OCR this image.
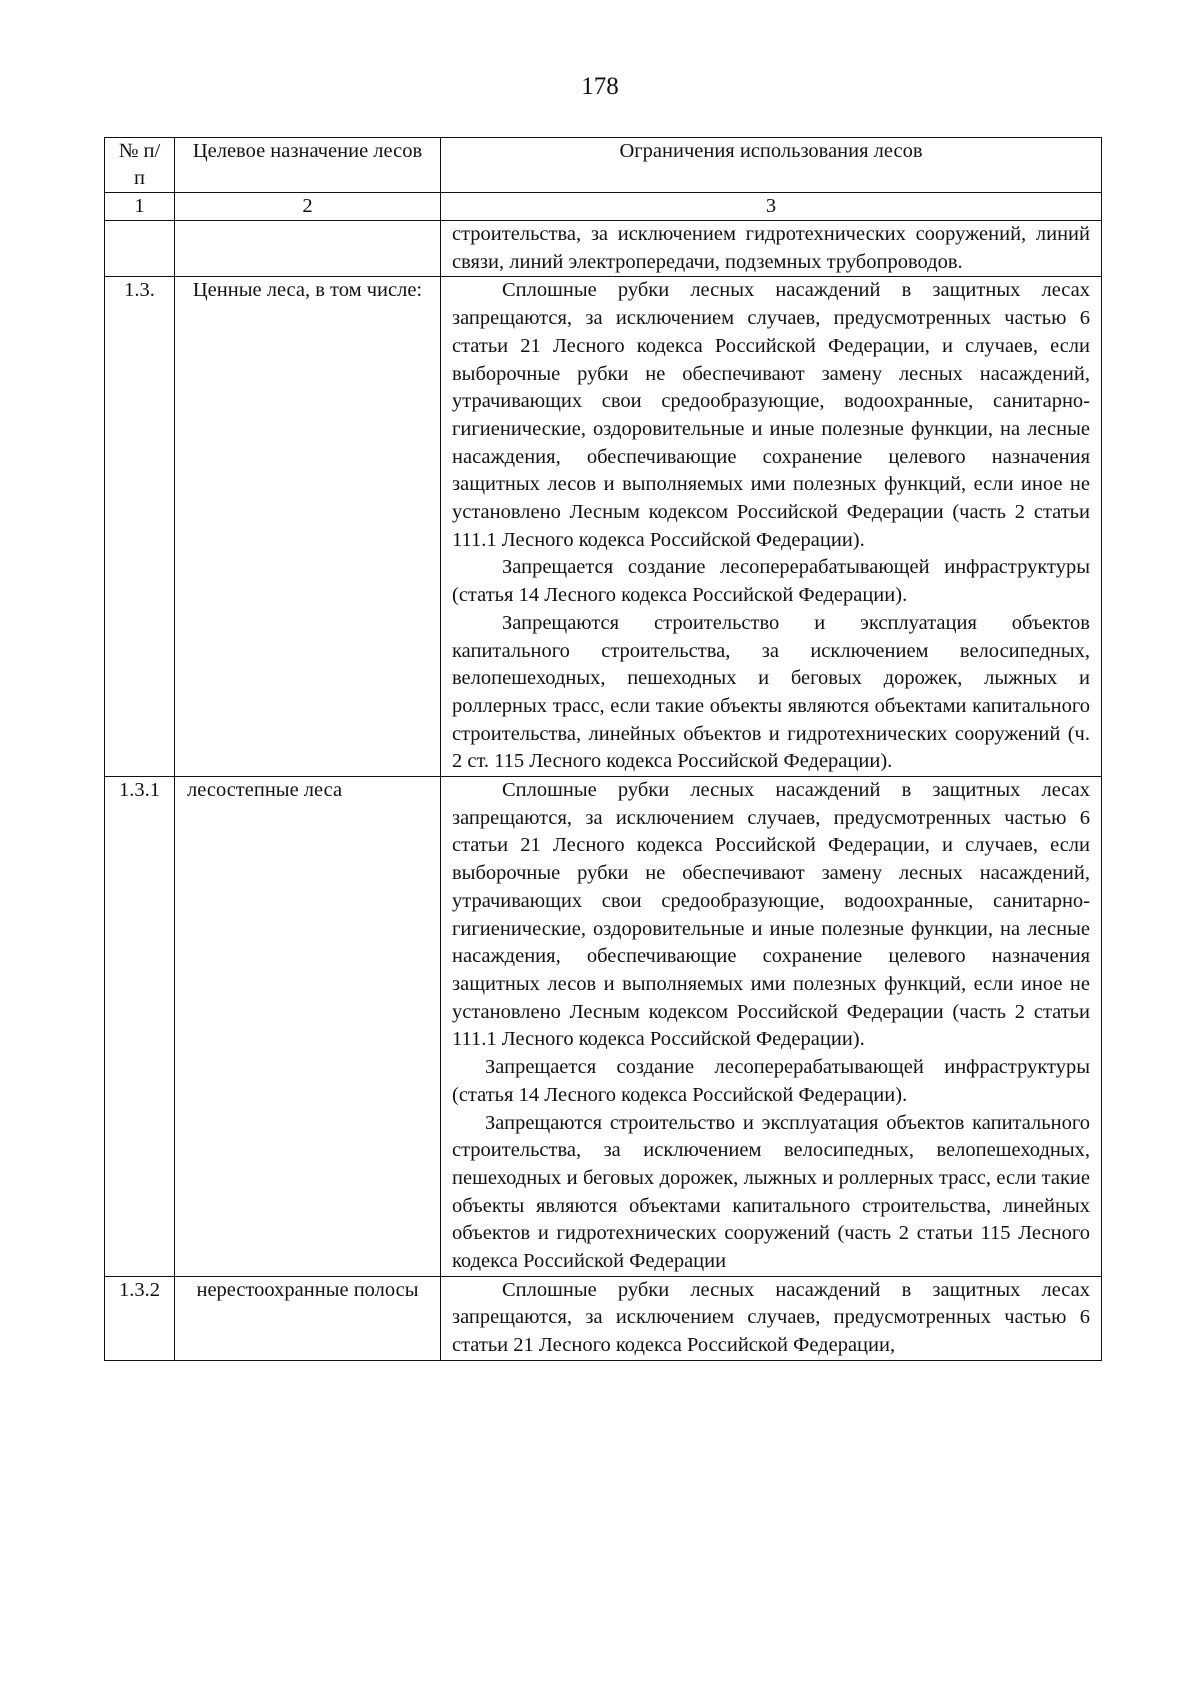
178
№ п/п	Целевое назначение лесов	Ограничения использования лесов
1	2	3

		строительства, за исключением гидротехнических сооружений, линий связи, линий электропередачи, подземных трубопроводов.

1.3.	Ценные леса, в том числе:	Сплошные рубки лесных насаждений в защитных лесах запрещаются, за исключением случаев, предусмотренных частью 6 статьи 21 Лесного кодекса Российской Федерации, и случаев, если выборочные рубки не обеспечивают замену лесных насаждений, утрачивающих свои средообразующие, водоохранные, санитарно-гигиенические, оздоровительные и иные полезные функции, на лесные насаждения, обеспечивающие сохранение целевого назначения защитных лесов и выполняемых ими полезных функций, если иное не установлено Лесным кодексом Российской Федерации (часть 2 статьи 111.1 Лесного кодекса Российской Федерации).

Запрещается создание лесоперерабатывающей инфраструктуры (статья 14 Лесного кодекса Российской Федерации).

Запрещаются строительство и эксплуатация объектов капитального строительства, за исключением велосипедных, велопешеходных, пешеходных и беговых дорожек, лыжных и роллерных трасс, если такие объекты являются объектами капитального строительства, линейных объектов и гидротехнических сооружений (ч. 2 ст. 115 Лесного кодекса Российской Федерации).

1.3.1	лесостепные леса	Сплошные рубки лесных насаждений в защитных лесах запрещаются, за исключением случаев, предусмотренных частью 6 статьи 21 Лесного кодекса Российской Федерации, и случаев, если выборочные рубки не обеспечивают замену лесных насаждений, утрачивающих свои средообразующие, водоохранные, санитарно-гигиенические, оздоровительные и иные полезные функции, на лесные насаждения, обеспечивающие сохранение целевого назначения защитных лесов и выполняемых ими полезных функций, если иное не установлено Лесным кодексом Российской Федерации (часть 2 статьи 111.1 Лесного кодекса Российской Федерации).

Запрещается создание лесоперерабатывающей инфраструктуры (статья 14 Лесного кодекса Российской Федерации).

Запрещаются строительство и эксплуатация объектов капитального строительства, за исключением велосипедных, велопешеходных, пешеходных и беговых дорожек, лыжных и роллерных трасс, если такие объекты являются объектами капитального строительства, линейных объектов и гидротехнических сооружений (часть 2 статьи 115 Лесного кодекса Российской Федерации

1.3.2	нерестоохранные полосы	Сплошные рубки лесных насаждений в защитных лесах запрещаются, за исключением случаев, предусмотренных частью 6 статьи 21 Лесного кодекса Российской Федерации,
